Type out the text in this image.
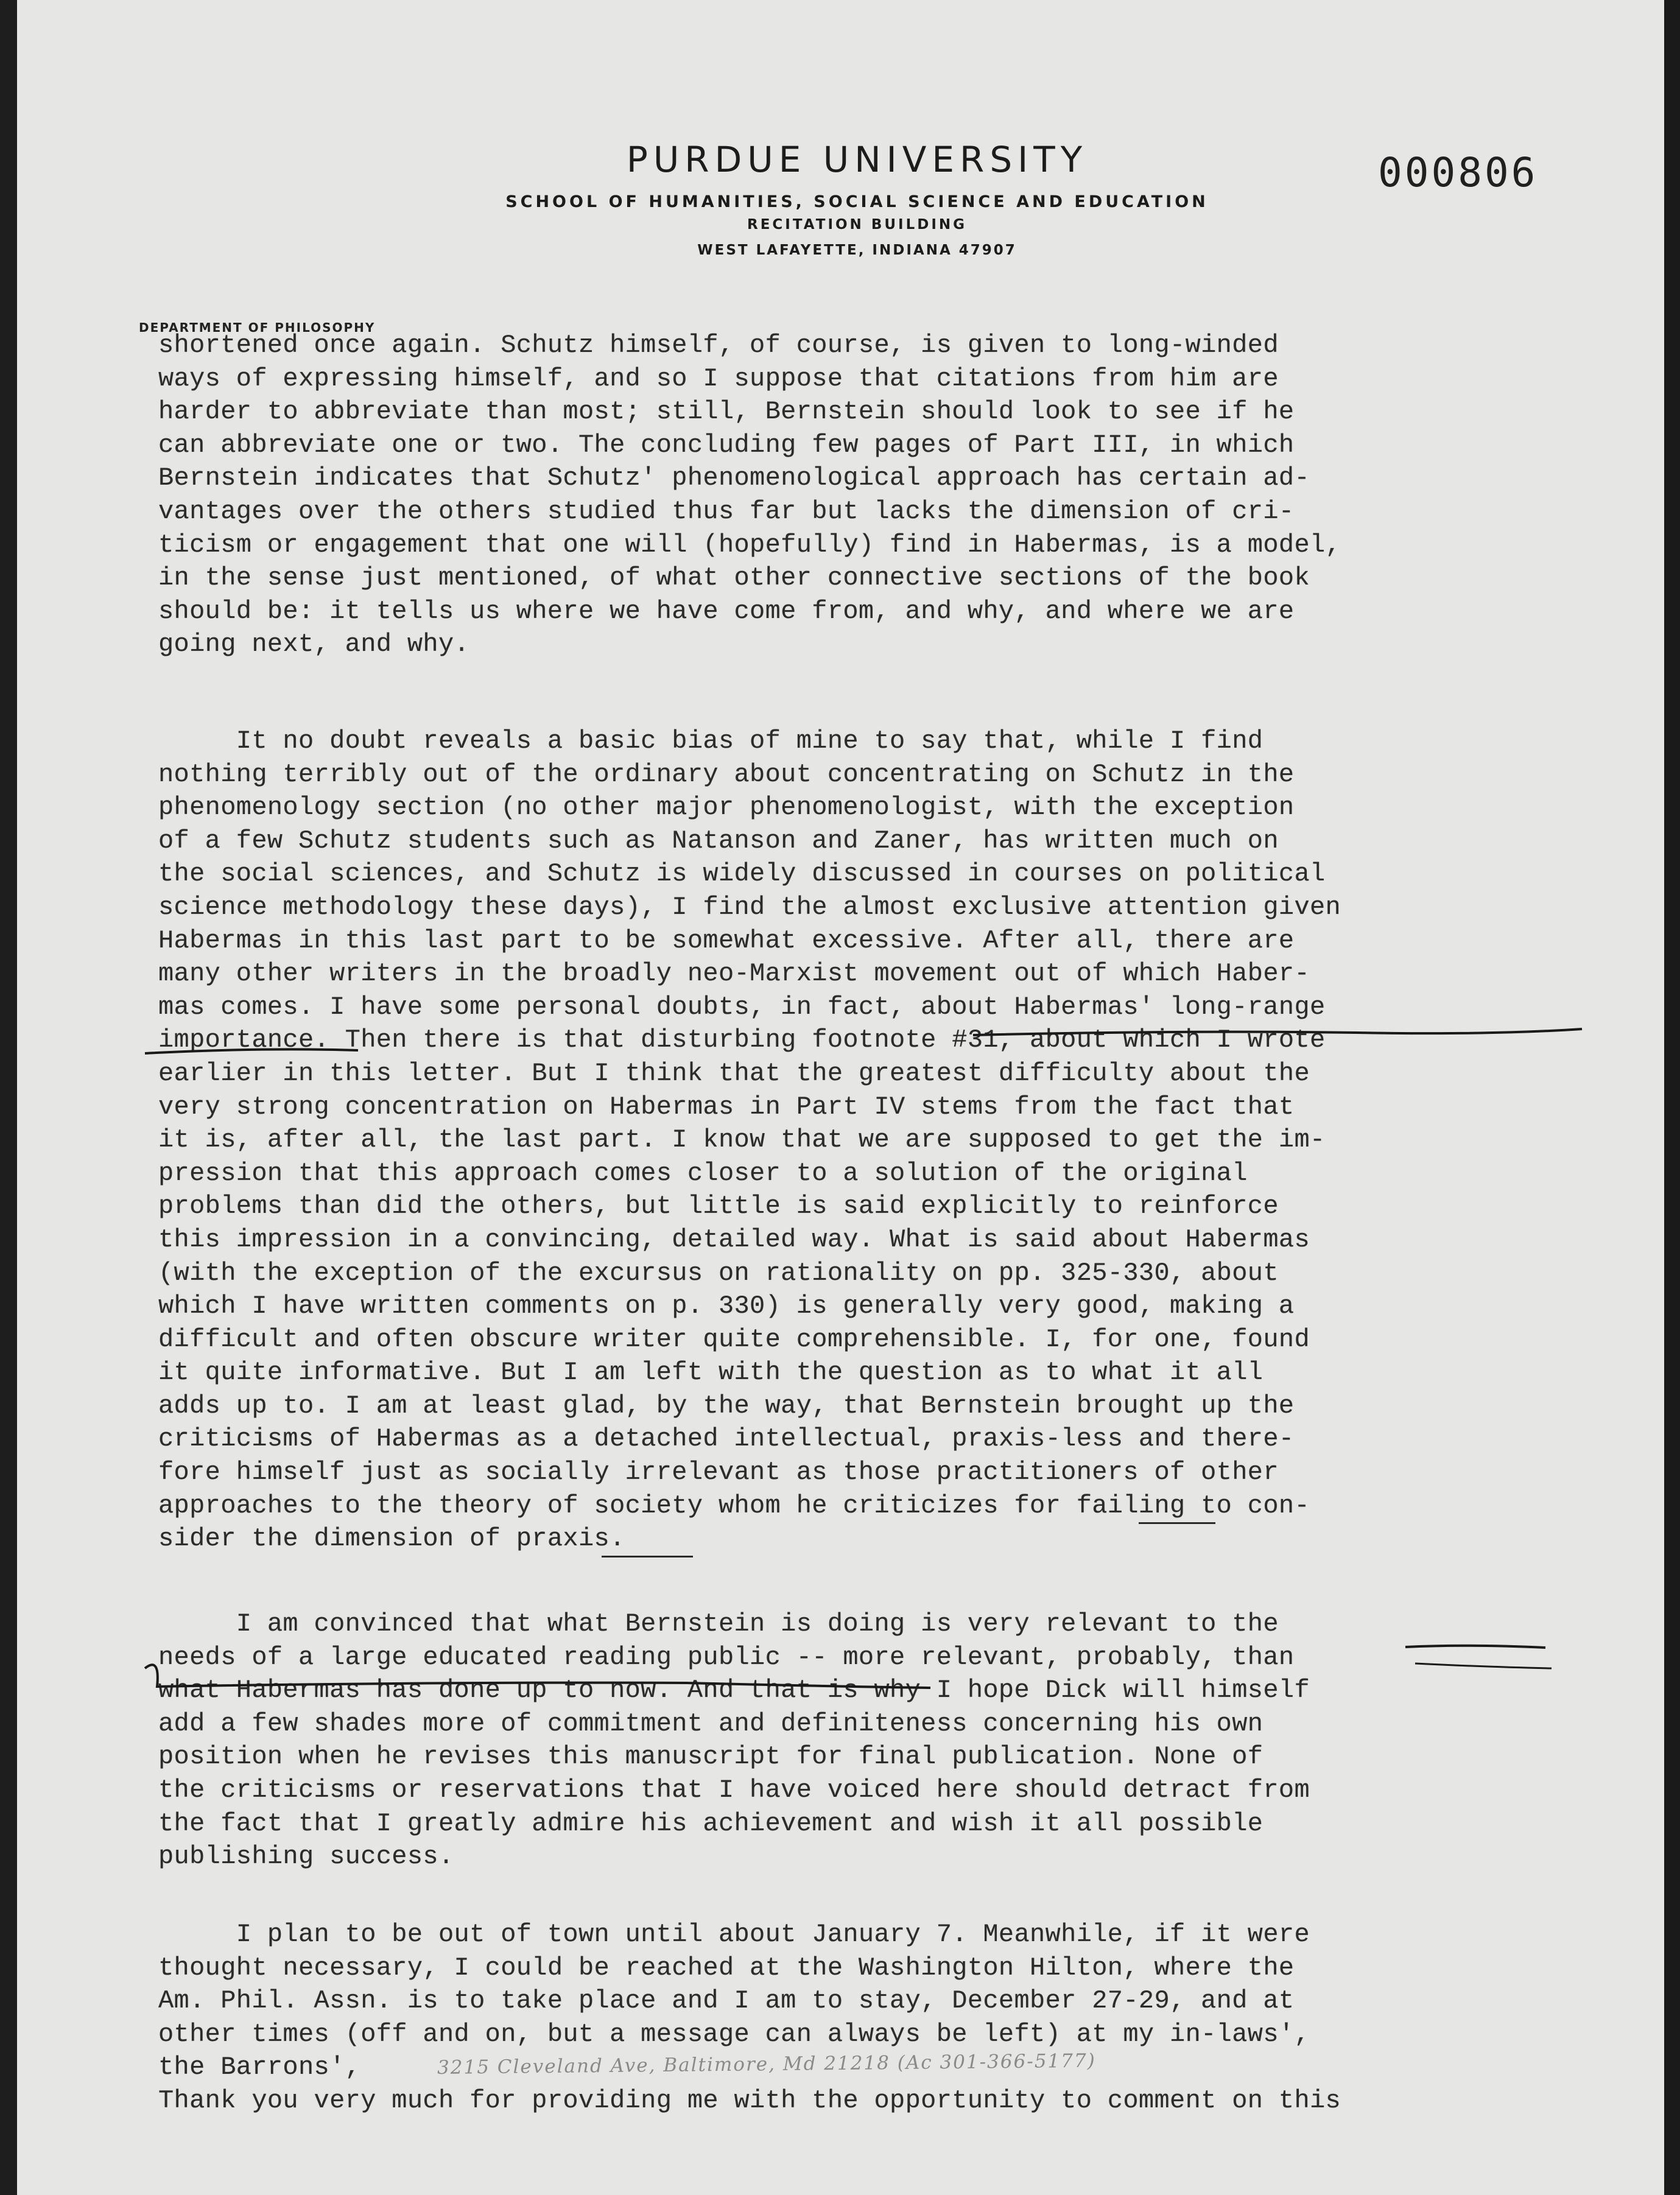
PURDUE UNIVERSITY
SCHOOL OF HUMANITIES, SOCIAL SCIENCE AND EDUCATION
RECITATION BUILDING
WEST LAFAYETTE, INDIANA 47907
000806
DEPARTMENT OF PHILOSOPHY
shortened once again. Schutz himself, of course, is given to long-winded
ways of expressing himself, and so I suppose that citations from him are
harder to abbreviate than most; still, Bernstein should look to see if he
can abbreviate one or two. The concluding few pages of Part III, in which
Bernstein indicates that Schutz' phenomenological approach has certain ad-
vantages over the others studied thus far but lacks the dimension of cri-
ticism or engagement that one will (hopefully) find in Habermas, is a model,
in the sense just mentioned, of what other connective sections of the book
should be: it tells us where we have come from, and why, and where we are
going next, and why.
It no doubt reveals a basic bias of mine to say that, while I find
nothing terribly out of the ordinary about concentrating on Schutz in the
phenomenology section (no other major phenomenologist, with the exception
of a few Schutz students such as Natanson and Zaner, has written much on
the social sciences, and Schutz is widely discussed in courses on political
science methodology these days), I find the almost exclusive attention given
Habermas in this last part to be somewhat excessive. After all, there are
many other writers in the broadly neo-Marxist movement out of which Haber-
mas comes. I have some personal doubts, in fact, about Habermas' long-range
importance. Then there is that disturbing footnote #31, about which I wrote
earlier in this letter. But I think that the greatest difficulty about the
very strong concentration on Habermas in Part IV stems from the fact that
it is, after all, the last part. I know that we are supposed to get the im-
pression that this approach comes closer to a solution of the original
problems than did the others, but little is said explicitly to reinforce
this impression in a convincing, detailed way. What is said about Habermas
(with the exception of the excursus on rationality on pp. 325-330, about
which I have written comments on p. 330) is generally very good, making a
difficult and often obscure writer quite comprehensible. I, for one, found
it quite informative. But I am left with the question as to what it all
adds up to. I am at least glad, by the way, that Bernstein brought up the
criticisms of Habermas as a detached intellectual, praxis-less and there-
fore himself just as socially irrelevant as those practitioners of other
approaches to the theory of society whom he criticizes for failing to con-
sider the dimension of praxis.
I am convinced that what Bernstein is doing is very relevant to the
needs of a large educated reading public -- more relevant, probably, than
what Habermas has done up to now. And that is why I hope Dick will himself
add a few shades more of commitment and definiteness concerning his own
position when he revises this manuscript for final publication. None of
the criticisms or reservations that I have voiced here should detract from
the fact that I greatly admire his achievement and wish it all possible
publishing success.
I plan to be out of town until about January 7. Meanwhile, if it were
thought necessary, I could be reached at the Washington Hilton, where the
Am. Phil. Assn. is to take place and I am to stay, December 27-29, and at
other times (off and on, but a message can always be left) at my in-laws',
the Barrons',
Thank you very much for providing me with the opportunity to comment on this
3215 Cleveland Ave, Baltimore, Md 21218 (Ac 301-366-5177)
